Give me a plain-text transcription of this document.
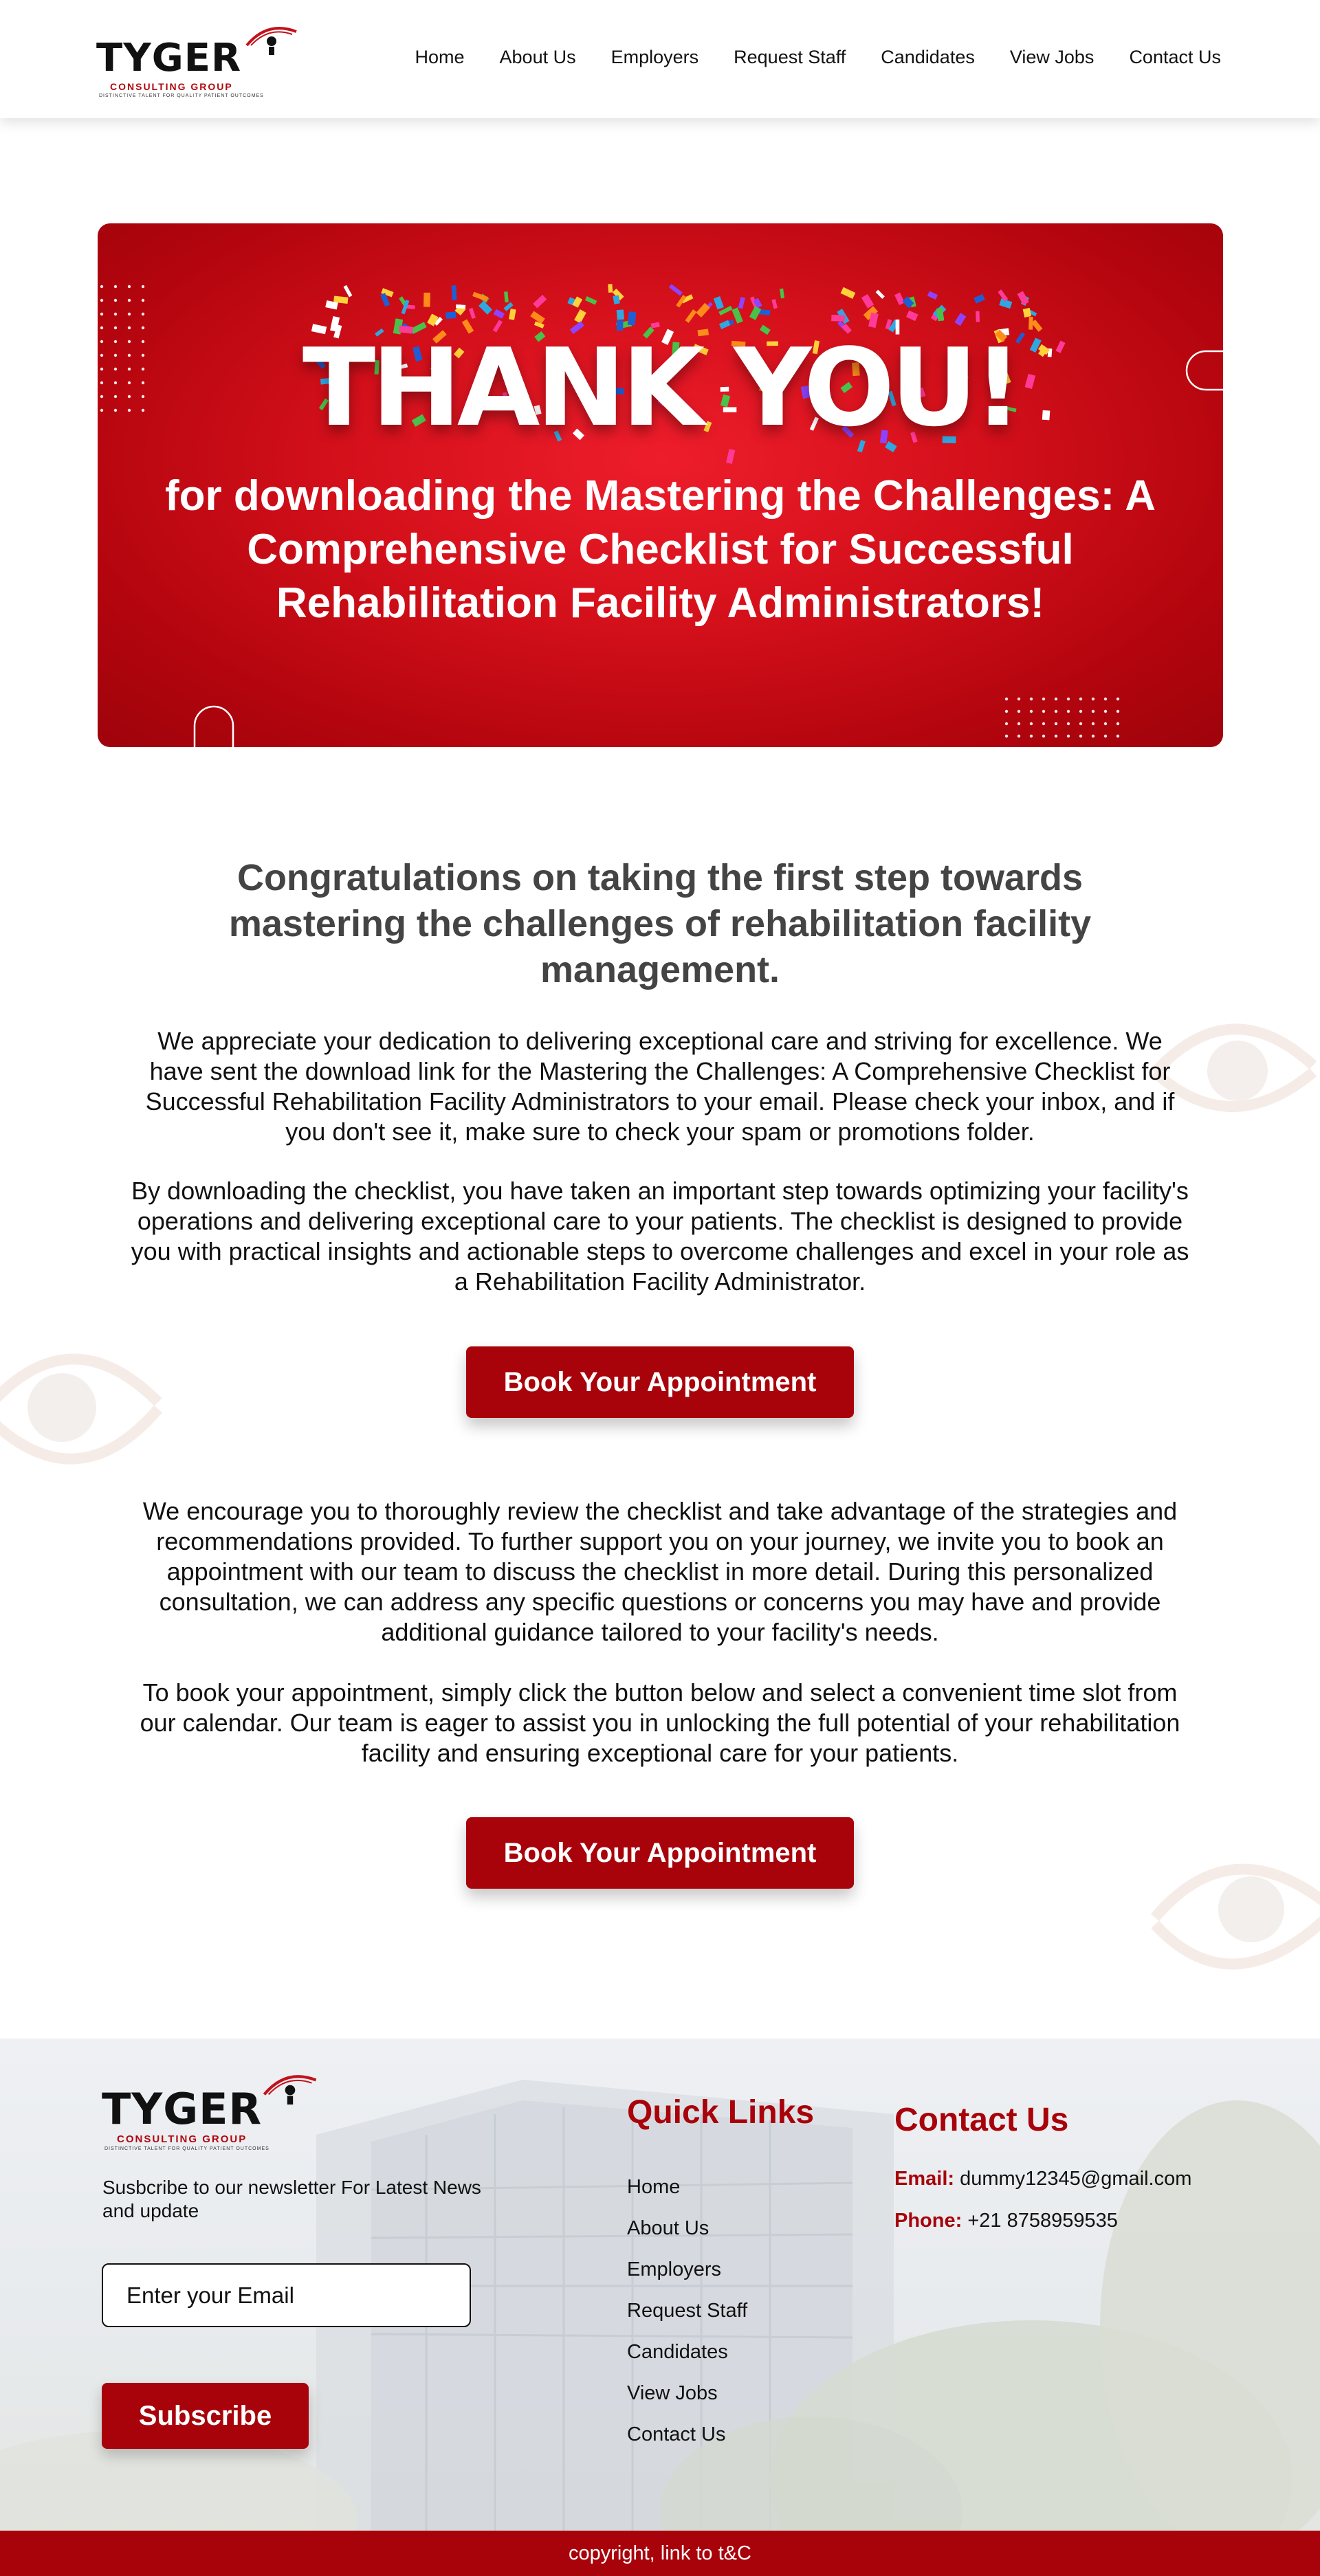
TYGER
CONSULTING GROUP
DISTINCTIVE TALENT FOR QUALITY PATIENT OUTCOMES
Home About Us Employers Request Staff Candidates View Jobs Contact Us
THANK YOU!
for downloading the Mastering the Challenges: A Comprehensive Checklist for Successful Rehabilitation Facility Administrators!
Congratulations on taking the first step towards mastering the challenges of rehabilitation facility management.

We appreciate your dedication to delivering exceptional care and striving for excellence. We have sent the download link for the Mastering the Challenges: A Comprehensive Checklist for Successful Rehabilitation Facility Administrators to your email. Please check your inbox, and if you don't see it, make sure to check your spam or promotions folder.

By downloading the checklist, you have taken an important step towards optimizing your facility's operations and delivering exceptional care to your patients. The checklist is designed to provide you with practical insights and actionable steps to overcome challenges and excel in your role as a Rehabilitation Facility Administrator.

Book Your Appointment

We encourage you to thoroughly review the checklist and take advantage of the strategies and recommendations provided. To further support you on your journey, we invite you to book an appointment with our team to discuss the checklist in more detail. During this personalized consultation, we can address any specific questions or concerns you may have and provide additional guidance tailored to your facility's needs.

To book your appointment, simply click the button below and select a convenient time slot from our calendar. Our team is eager to assist you in unlocking the full potential of your rehabilitation facility and ensuring exceptional care for your patients.

Book Your Appointment
TYGER
CONSULTING GROUP
DISTINCTIVE TALENT FOR QUALITY PATIENT OUTCOMES

Susbcribe to our newsletter For Latest News and update

Enter your Email
Subscribe
Quick Links
Home
About Us
Employers
Request Staff
Candidates
View Jobs
Contact Us
Contact Us
Email: dummy12345@gmail.com
Phone: +21 8758959535
copyright, link to t&C
